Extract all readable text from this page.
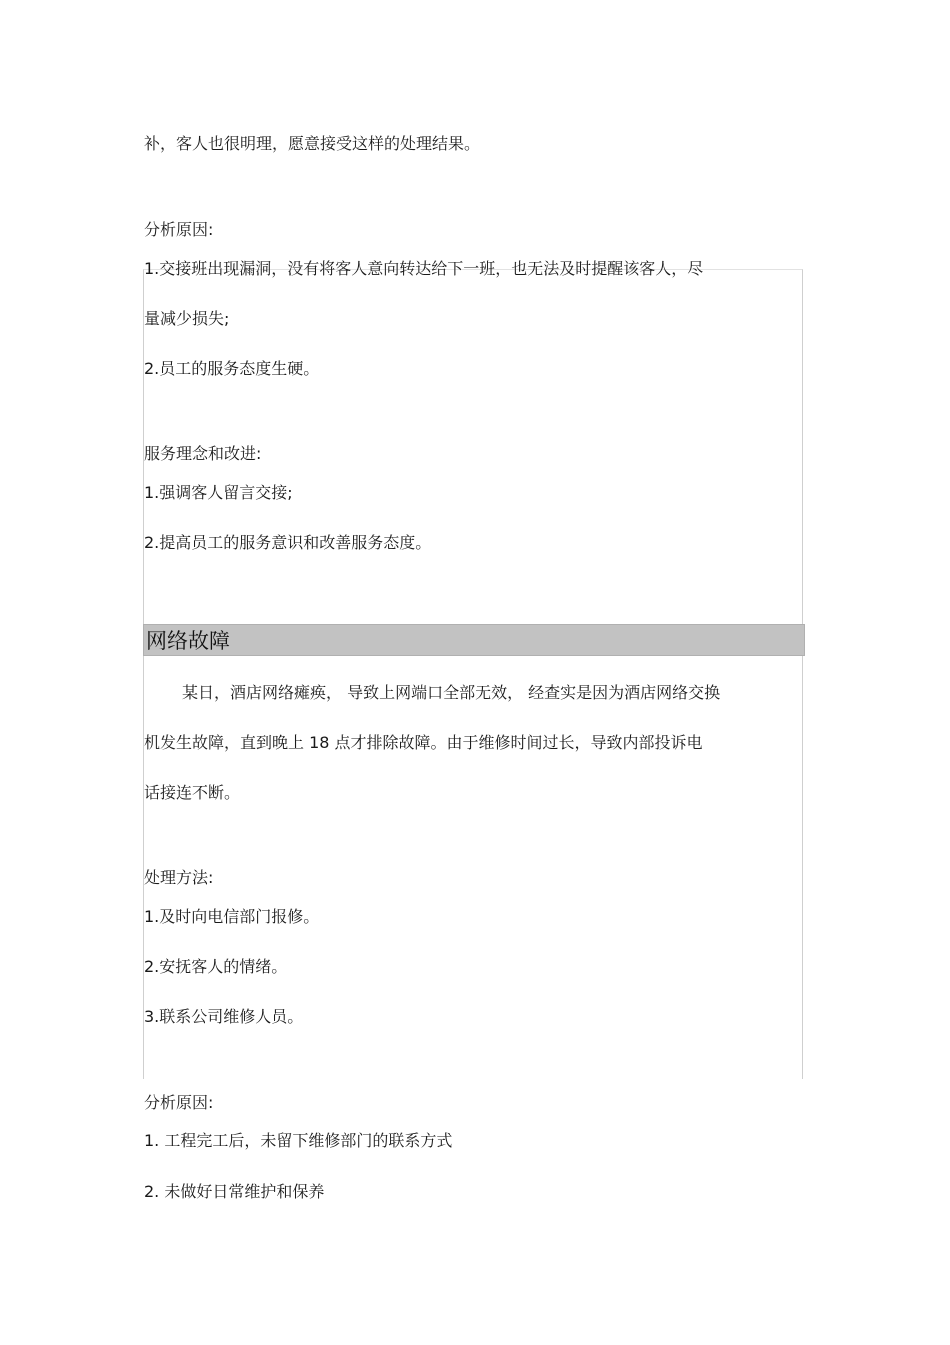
补，客人也很明理，愿意接受这样的处理结果。
分析原因:
1.交接班出现漏洞，没有将客人意向转达给下一班，也无法及时提醒该客人，尽
量减少损失;
2.员工的服务态度生硬。
服务理念和改进:
1.强调客人留言交接;
2.提高员工的服务意识和改善服务态度。
网络故障
某日，酒店网络瘫痪， 导致上网端口全部无效， 经查实是因为酒店网络交换
机发生故障，直到晚上 18 点才排除故障。由于维修时间过长，导致内部投诉电
话接连不断。
处理方法:
1.及时向电信部门报修。
2.安抚客人的情绪。
3.联系公司维修人员。
分析原因:
1. 工程完工后，未留下维修部门的联系方式
2. 未做好日常维护和保养
